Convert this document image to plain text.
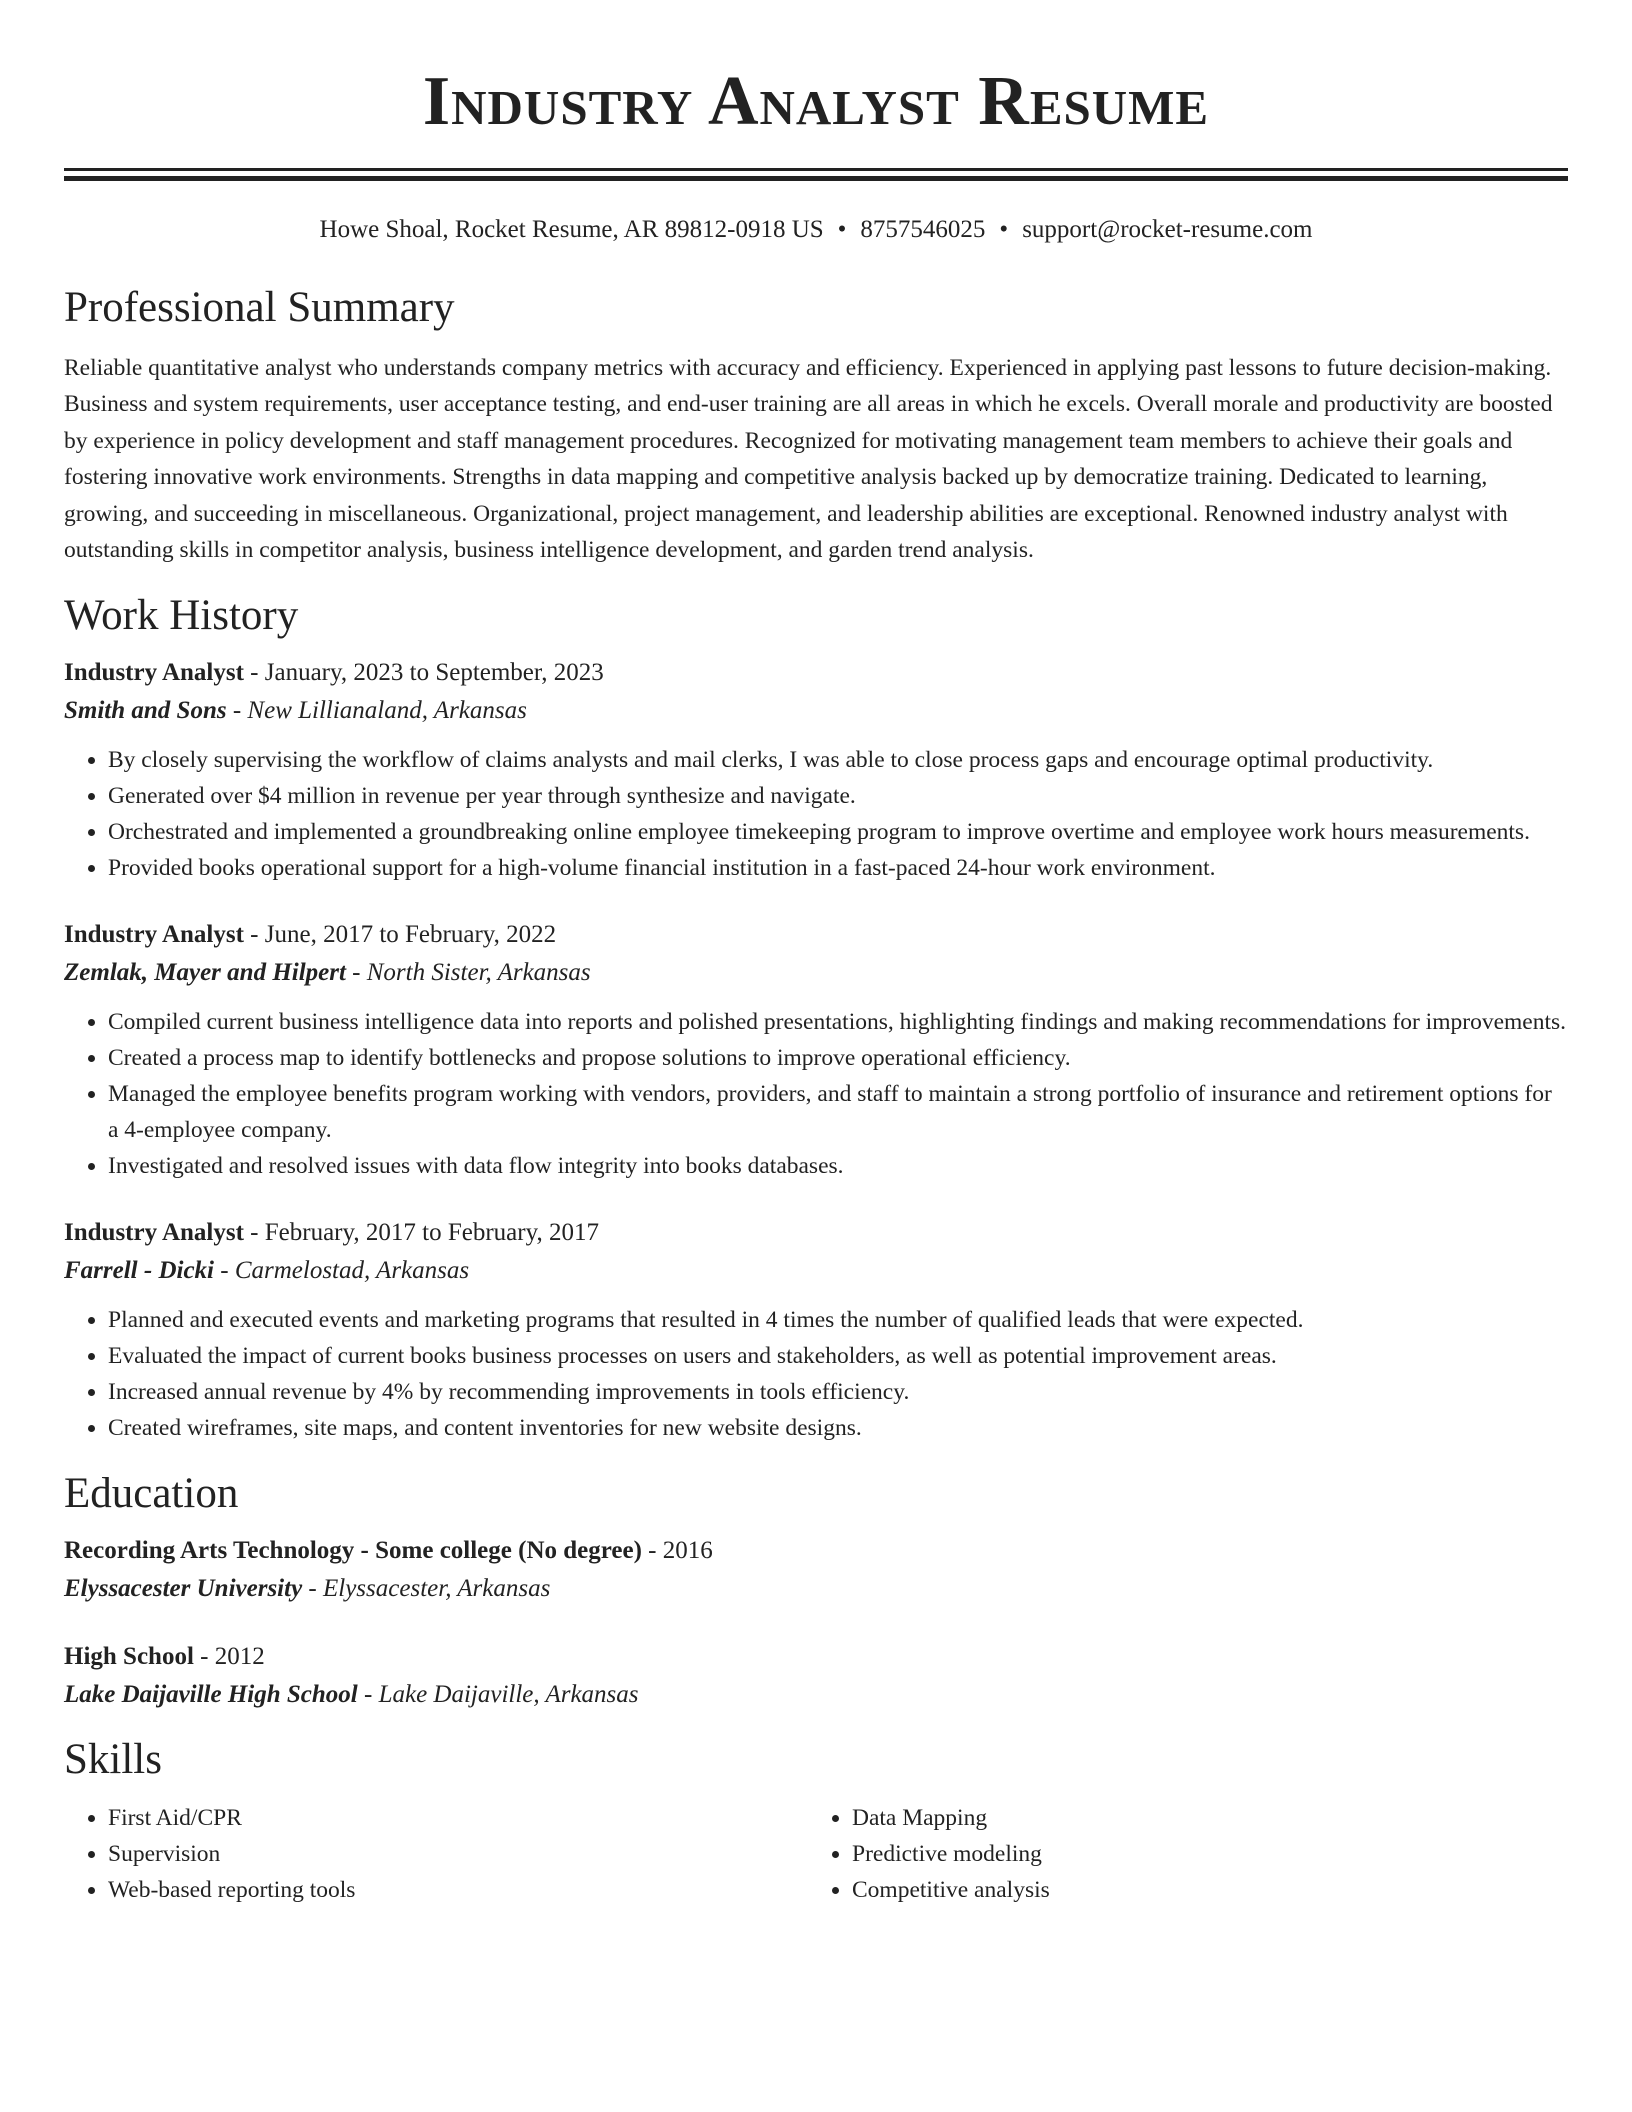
Industry Analyst Resume
Howe Shoal, Rocket Resume, AR 89812-0918 US • 8757546025 • support@rocket-resume.com
Professional Summary

Reliable quantitative analyst who understands company metrics with accuracy and efficiency. Experienced in applying past lessons to future decision-making. Business and system requirements, user acceptance testing, and end-user training are all areas in which he excels. Overall morale and productivity are boosted by experience in policy development and staff management procedures. Recognized for motivating management team members to achieve their goals and fostering innovative work environments. Strengths in data mapping and competitive analysis backed up by democratize training. Dedicated to learning, growing, and succeeding in miscellaneous. Organizational, project management, and leadership abilities are exceptional. Renowned industry analyst with outstanding skills in competitor analysis, business intelligence development, and garden trend analysis.

Work History

Industry Analyst - January, 2023 to September, 2023

Smith and Sons - New Lillianaland, Arkansas

• By closely supervising the workflow of claims analysts and mail clerks, I was able to close process gaps and encourage optimal productivity.
• Generated over $4 million in revenue per year through synthesize and navigate.
• Orchestrated and implemented a groundbreaking online employee timekeeping program to improve overtime and employee work hours measurements.
• Provided books operational support for a high-volume financial institution in a fast-paced 24-hour work environment.

Industry Analyst - June, 2017 to February, 2022

Zemlak, Mayer and Hilpert - North Sister, Arkansas

• Compiled current business intelligence data into reports and polished presentations, highlighting findings and making recommendations for improvements.
• Created a process map to identify bottlenecks and propose solutions to improve operational efficiency.
• Managed the employee benefits program working with vendors, providers, and staff to maintain a strong portfolio of insurance and retirement options for a 4-employee company.
• Investigated and resolved issues with data flow integrity into books databases.

Industry Analyst - February, 2017 to February, 2017

Farrell - Dicki - Carmelostad, Arkansas

• Planned and executed events and marketing programs that resulted in 4 times the number of qualified leads that were expected.
• Evaluated the impact of current books business processes on users and stakeholders, as well as potential improvement areas.
• Increased annual revenue by 4% by recommending improvements in tools efficiency.
• Created wireframes, site maps, and content inventories for new website designs.
Education

Recording Arts Technology - Some college (No degree) - 2016

Elyssacester University - Elyssacester, Arkansas

High School - 2012

Lake Daijaville High School - Lake Daijaville, Arkansas

Skills
• First Aid/CPR
• Supervision
• Web-based reporting tools
• Data Mapping
• Predictive modeling
• Competitive analysis
